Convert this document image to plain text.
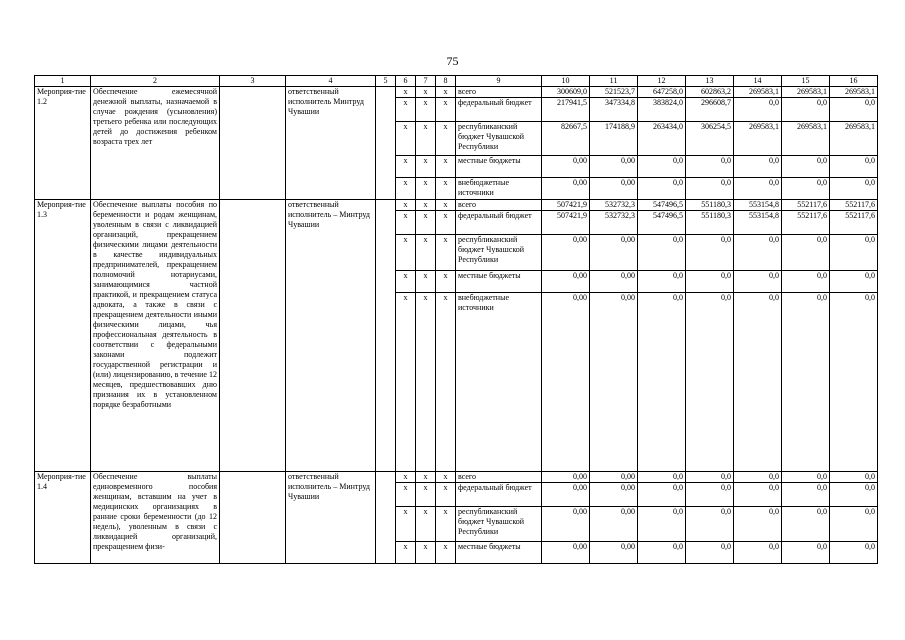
75
1	2	3	4	5	6	7	8	9	10	11	12	13	14	15	16
Мероприя-тие 1.2	Обеспечение ежемесячной денежной выплаты, назначаемой в случае рождения (усыновления) третьего ребенка или последующих детей до достижения ребенком возраста трех лет		ответственный исполнитель Минтруд Чувашии		х	х	х	всего	300609,0	521523,7	647258,0	602863,2	269583,1	269583,1	269583,1
					х	х	х	федеральный бюджет	217941,5	347334,8	383824,0	296608,7	0,0	0,0	0,0
					х	х	х	республиканский бюджет Чувашской Республики	82667,5	174188,9	263434,0	306254,5	269583,1	269583,1	269583,1
					х	х	х	местные бюджеты	0,00	0,00	0,0	0,0	0,0	0,0	0,0
					х	х	х	внебюджетные источники	0,00	0,00	0,0	0,0	0,0	0,0	0,0
Мероприя-тие 1.3	Обеспечение выплаты пособия по беременности и родам женщинам, уволенным в связи с ликвидацией организаций, прекращением физическими лицами деятельности в качестве индивидуальных предпринимателей, прекращением полномочий нотариусами, занимающимися частной практикой, и прекращением статуса адвоката, а также в связи с прекращением деятельности иными физическими лицами, чья профессиональная деятельность в соответствии с федеральными законами подлежит государственной регистрации и (или) лицензированию, в течение 12 месяцев, предшествовавших дню признания их в установленном порядке безработными		ответственный исполнитель – Минтруд Чувашии		х	х	х	всего	507421,9	532732,3	547496,5	551180,3	553154,8	552117,6	552117,6
					х	х	х	федеральный бюджет	507421,9	532732,3	547496,5	551180,3	553154,8	552117,6	552117,6
					х	х	х	республиканский бюджет Чувашской Республики	0,00	0,00	0,0	0,0	0,0	0,0	0,0
					х	х	х	местные бюджеты	0,00	0,00	0,0	0,0	0,0	0,0	0,0
					х	х	х	внебюджетные источники	0,00	0,00	0,0	0,0	0,0	0,0	0,0
Мероприя-тие 1.4	Обеспечение выплаты единовременного пособия женщинам, вставшим на учет в медицинских организациях в ранние сроки беременности (до 12 недель), уволенным в связи с ликвидацией организаций, прекращением физи-		ответственный исполнитель – Минтруд Чувашии		х	х	х	всего	0,00	0,00	0,0	0,0	0,0	0,0	0,0
					х	х	х	федеральный бюджет	0,00	0,00	0,0	0,0	0,0	0,0	0,0
					х	х	х	республиканский бюджет Чувашской Республики	0,00	0,00	0,0	0,0	0,0	0,0	0,0
					х	х	х	местные бюджеты	0,00	0,00	0,0	0,0	0,0	0,0	0,0
